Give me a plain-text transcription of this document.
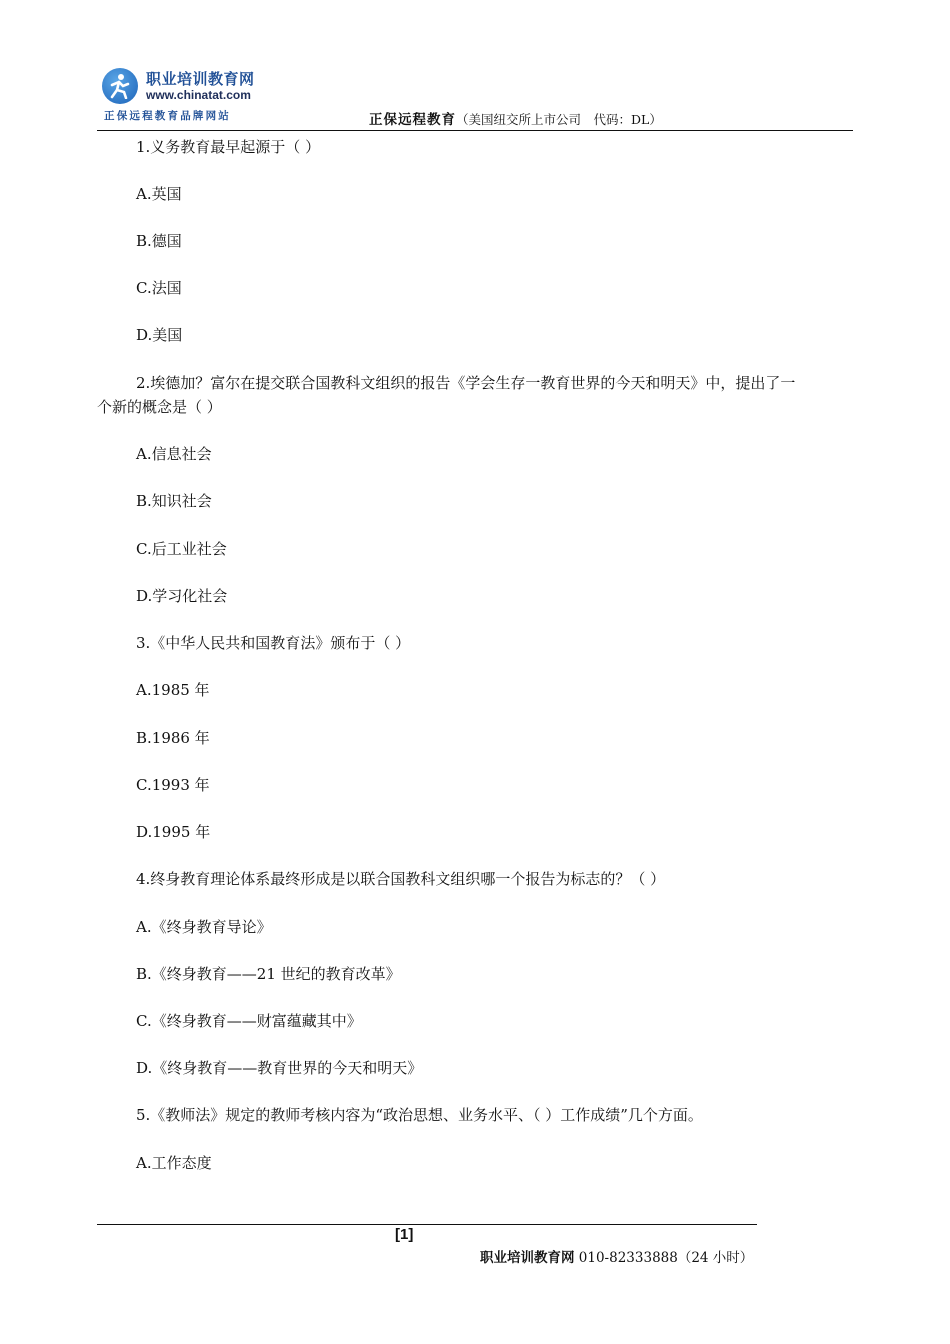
职业培训教育网
www.chinatat.com
正保远程教育品牌网站	正保远程教育（美国纽交所上市公司　代码：DL）
1.义务教育最早起源于（ ）
A.英国
B.德国
C.法国
D.美国
2.埃德加？富尔在提交联合国教科文组织的报告《学会生存一教育世界的今天和明天》中，提出了一
个新的概念是（ ）
A.信息社会
B.知识社会
C.后工业社会
D.学习化社会
3.《中华人民共和国教育法》颁布于（ ）
A.1985 年
B.1986 年
C.1993 年
D.1995 年
4.终身教育理论体系最终形成是以联合国教科文组织哪一个报告为标志的？（ ）
A.《终身教育导论》
B.《终身教育——21 世纪的教育改革》
C.《终身教育——财富蕴藏其中》
D.《终身教育——教育世界的今天和明天》
5.《教师法》规定的教师考核内容为“政治思想、业务水平、（ ）工作成绩”几个方面。
A.工作态度
[1]
职业培训教育网 010-82333888（24 小时）
